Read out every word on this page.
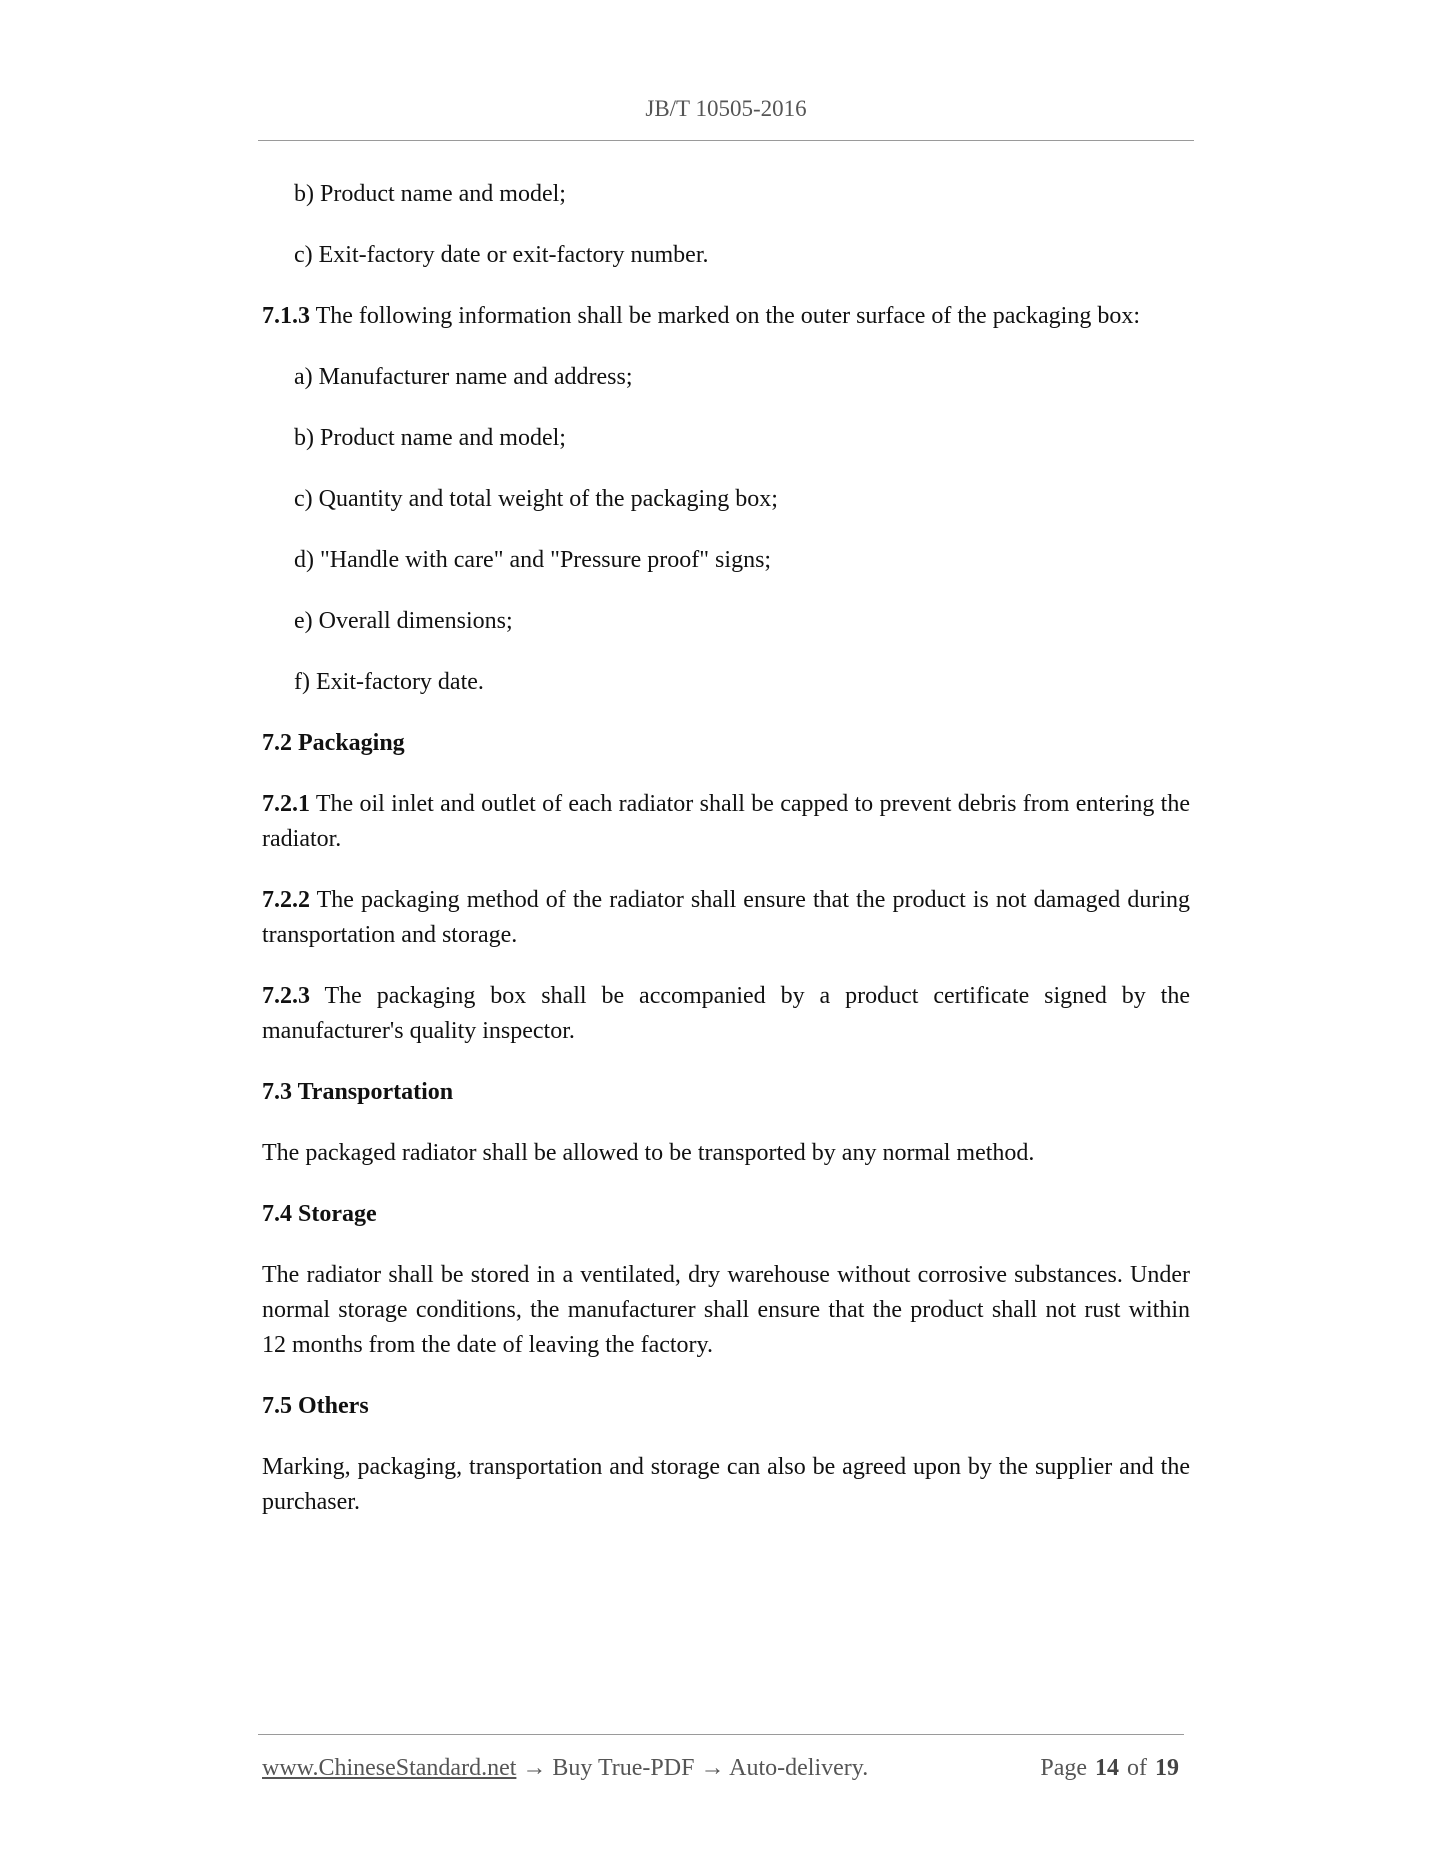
JB/T 10505-2016

b) Product name and model;

c) Exit-factory date or exit-factory number.

7.1.3 The following information shall be marked on the outer surface of the packaging box:

a) Manufacturer name and address;

b) Product name and model;

c) Quantity and total weight of the packaging box;

d) "Handle with care" and "Pressure proof" signs;

e) Overall dimensions;

f) Exit-factory date.

7.2 Packaging

7.2.1 The oil inlet and outlet of each radiator shall be capped to prevent debris from entering the radiator.

7.2.2 The packaging method of the radiator shall ensure that the product is not damaged during transportation and storage.

7.2.3 The packaging box shall be accompanied by a product certificate signed by the manufacturer's quality inspector.

7.3 Transportation

The packaged radiator shall be allowed to be transported by any normal method.

7.4 Storage

The radiator shall be stored in a ventilated, dry warehouse without corrosive substances. Under normal storage conditions, the manufacturer shall ensure that the product shall not rust within 12 months from the date of leaving the factory.

7.5 Others

Marking, packaging, transportation and storage can also be agreed upon by the supplier and the purchaser.

www.ChineseStandard.net → Buy True-PDF → Auto-delivery.	Page 14 of 19
